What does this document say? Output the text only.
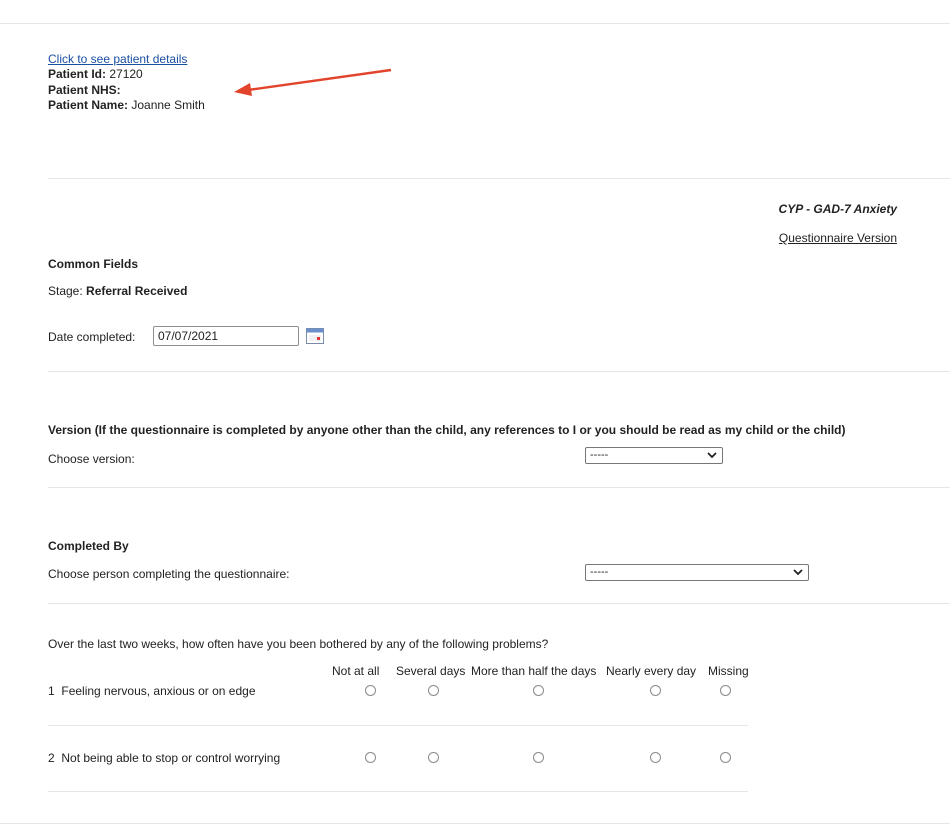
Click to see patient details
Patient Id: 27120
Patient NHS:
Patient Name: Joanne Smith
CYP - GAD-7 Anxiety
Questionnaire Version
Common Fields
Stage: Referral Received
Date completed:
07/07/2021
Version (If the questionnaire is completed by anyone other than the child, any references to I or you should be read as my child or the child)
Choose version:	-----
Completed By
Choose person completing the questionnaire:	-----
Over the last two weeks, how often have you been bothered by any of the following problems?
Not at all Several days More than half the days Nearly every day Missing
1 Feeling nervous, anxious or on edge
2 Not being able to stop or control worrying
